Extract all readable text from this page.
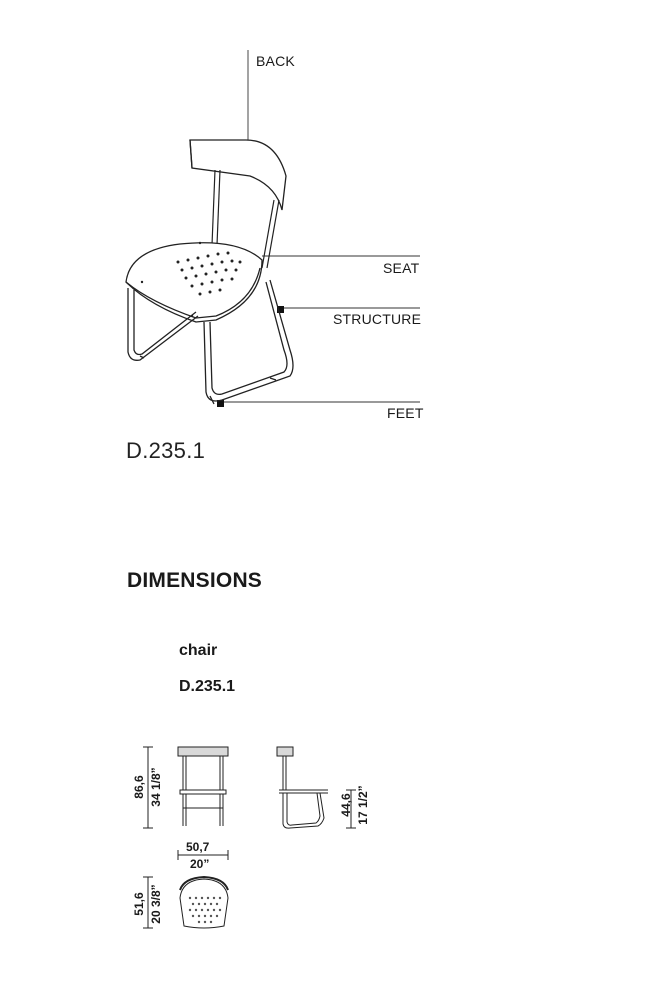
BACK
SEAT
STRUCTURE
FEET
D.235.1
DIMENSIONS
chair
D.235.1
86,6 34 1/8”	44,6 17 1/2”
50,7
20”
51,6 20 3/8”
